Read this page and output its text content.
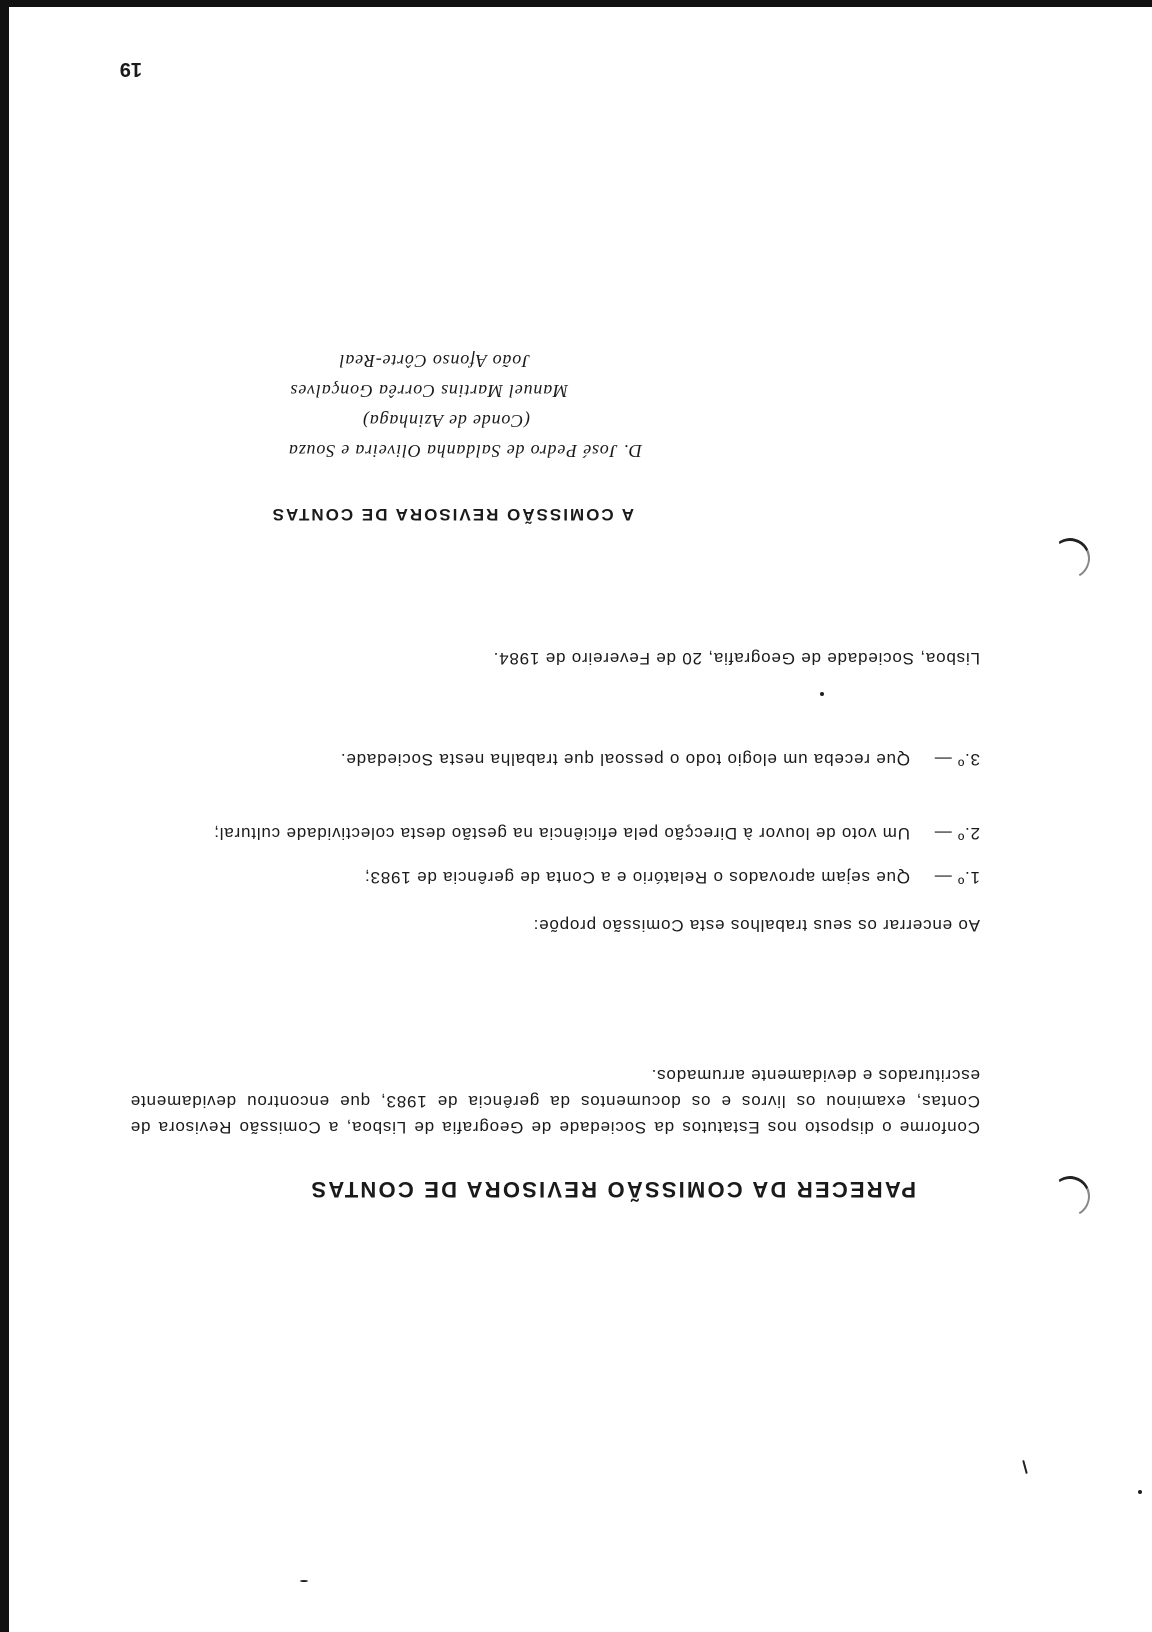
PARECER DA COMISSÃO REVISORA DE CONTAS
Conforme o disposto nos Estatutos da Sociedade de Geografia de Lisboa, a Comissão Revisora de Contas, examinou os livros e os documentos da gerência de 1983, que encontrou devidamente escriturados e devidamente arrumados.
Ao encerrar os seus trabalhos esta Comissão propõe:
1.º —Que sejam aprovados o Relatório e a Conta de gerência de 1983;
2.º —Um voto de louvor à Direcção pela eficiência na gestão desta colectividade cultural;
3.º —Que receba um elogio todo o pessoal que trabalha nesta Sociedade.
Lisboa, Sociedade de Geografia, 20 de Fevereiro de 1984.
A COMISSÃO REVISORA DE CONTAS
D. José Pedro de Saldanha Oliveira e Souza
(Conde de Azinhaga)
Manuel Martins Corrêa Gonçalves
João Afonso Côrte-Real
19
